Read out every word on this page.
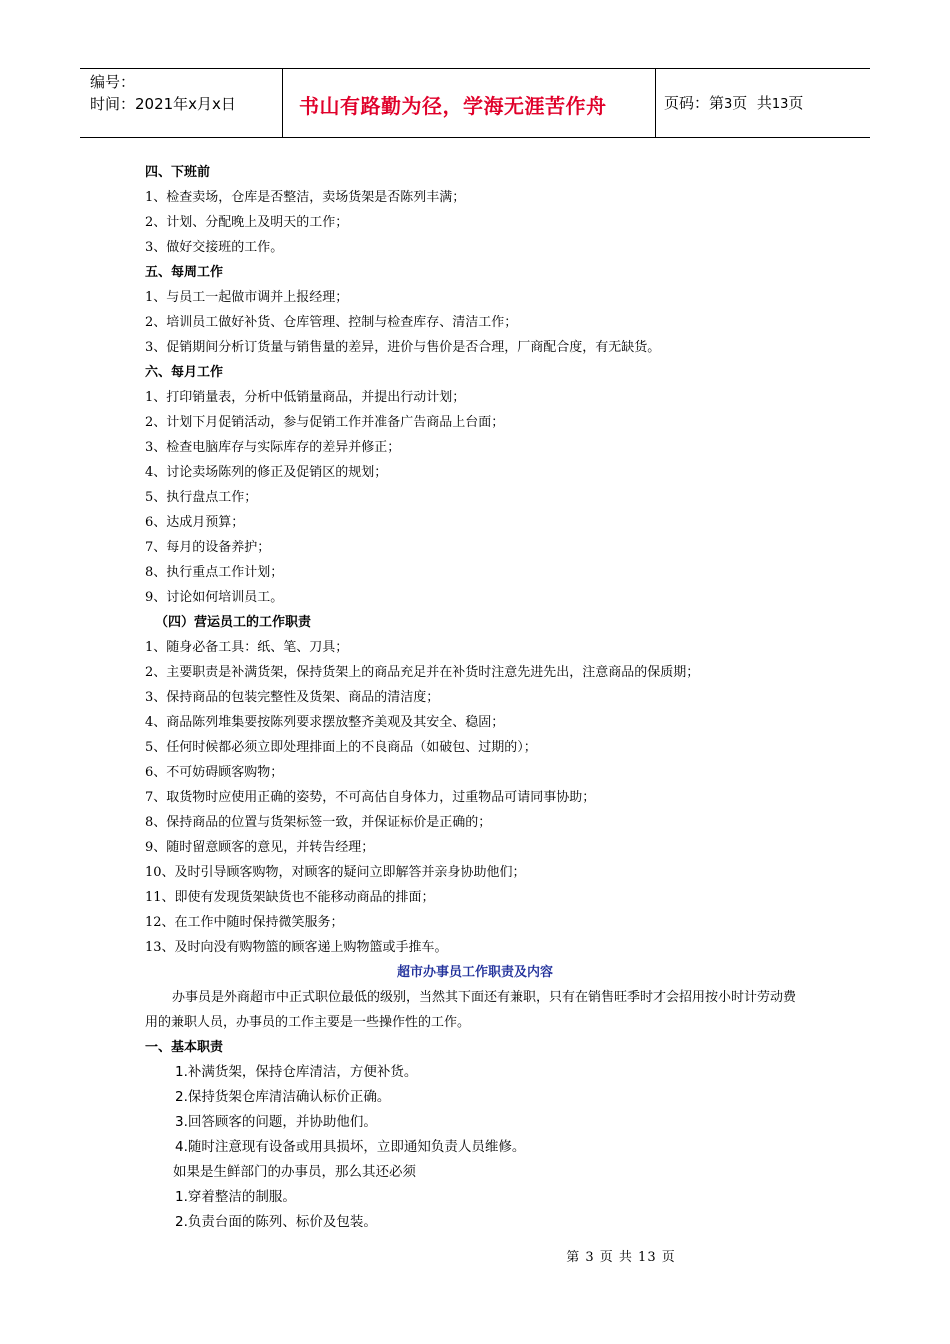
编号：
时间：2021年x月x日	书山有路勤为径，学海无涯苦作舟	页码：第3页  共13页
四、下班前
1、检查卖场，仓库是否整洁，卖场货架是否陈列丰满；
2、计划、分配晚上及明天的工作；
3、做好交接班的工作。
五、每周工作
1、与员工一起做市调并上报经理；
2、培训员工做好补货、仓库管理、控制与检查库存、清洁工作；
3、促销期间分析订货量与销售量的差异，进价与售价是否合理，厂商配合度，有无缺货。
六、每月工作
1、打印销量表，分析中低销量商品，并提出行动计划；
2、计划下月促销活动，参与促销工作并准备广告商品上台面；
3、检查电脑库存与实际库存的差异并修正；
4、讨论卖场陈列的修正及促销区的规划；
5、执行盘点工作；
6、达成月预算；
7、每月的设备养护；
8、执行重点工作计划；
9、讨论如何培训员工。
（四）营运员工的工作职责
1、随身必备工具：纸、笔、刀具；
2、主要职责是补满货架，保持货架上的商品充足并在补货时注意先进先出，注意商品的保质期；
3、保持商品的包装完整性及货架、商品的清洁度；
4、商品陈列堆集要按陈列要求摆放整齐美观及其安全、稳固；
5、任何时候都必须立即处理排面上的不良商品（如破包、过期的）；
6、不可妨碍顾客购物；
7、取货物时应使用正确的姿势，不可高估自身体力，过重物品可请同事协助；
8、保持商品的位置与货架标签一致，并保证标价是正确的；
9、随时留意顾客的意见，并转告经理；
10、及时引导顾客购物，对顾客的疑问立即解答并亲身协助他们；
11、即使有发现货架缺货也不能移动商品的排面；
12、在工作中随时保持微笑服务；
13、及时向没有购物篮的顾客递上购物篮或手推车。
超市办事员工作职责及内容
办事员是外商超市中正式职位最低的级别，当然其下面还有兼职，只有在销售旺季时才会招用按小时计劳动费用的兼职人员，办事员的工作主要是一些操作性的工作。
一、基本职责
1.补满货架，保持仓库清洁，方便补货。
2.保持货架仓库清洁确认标价正确。
3.回答顾客的问题，并协助他们。
4.随时注意现有设备或用具损坏，立即通知负责人员维修。
如果是生鲜部门的办事员，那么其还必须
1.穿着整洁的制服。
2.负责台面的陈列、标价及包装。
第 3 页 共 13 页
